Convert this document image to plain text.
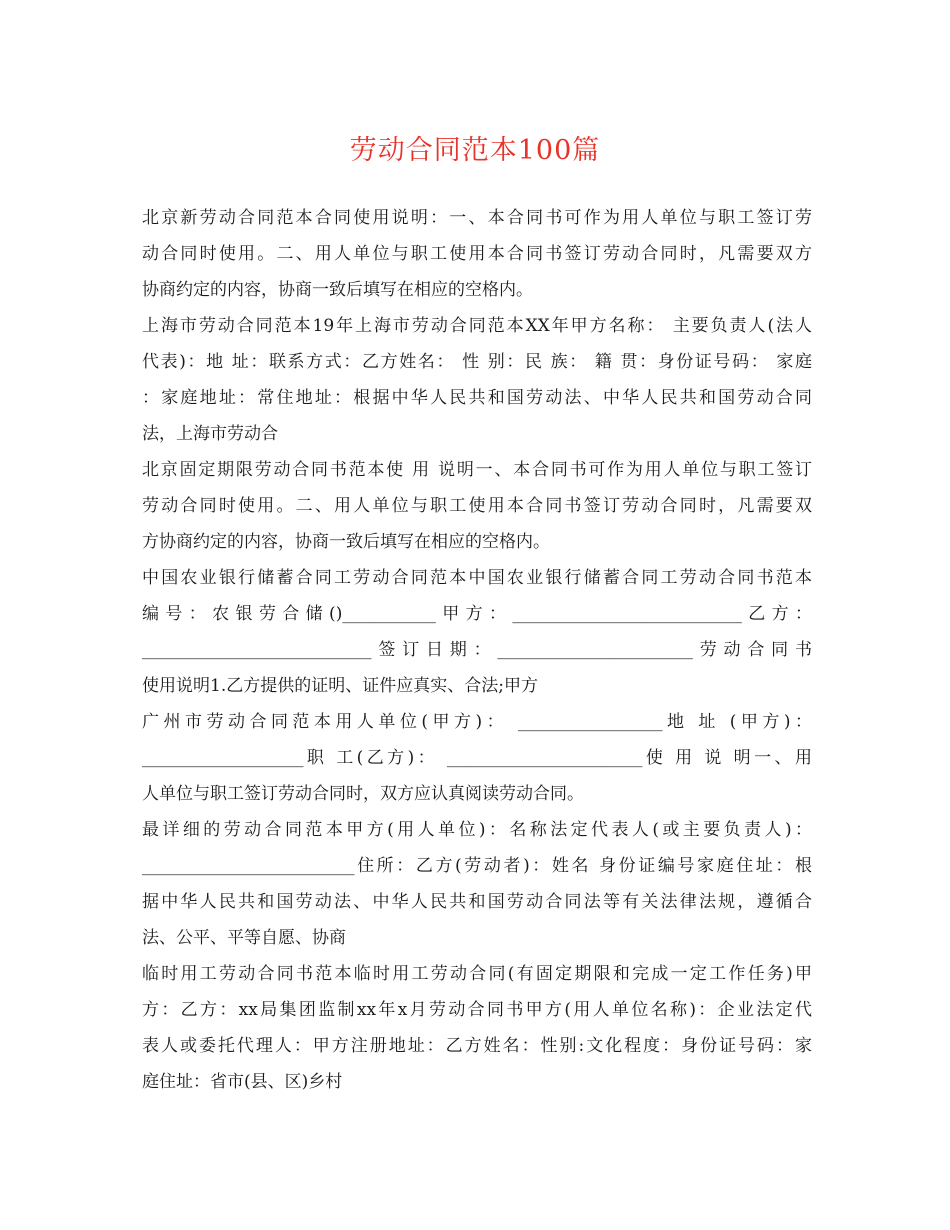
劳动合同范本100篇
北京新劳动合同范本合同使用说明：一、本合同书可作为用人单位与职工签订劳
动合同时使用。二、用人单位与职工使用本合同书签订劳动合同时，凡需要双方
协商约定的内容，协商一致后填写在相应的空格内。
上海市劳动合同范本19年上海市劳动合同范本XX年甲方名称： 主要负责人(法人
代表)：地 址：联系方式：乙方姓名： 性 别：民 族： 籍 贯：身份证号码： 家庭
：家庭地址：常住地址：根据中华人民共和国劳动法、中华人民共和国劳动合同
法，上海市劳动合
北京固定期限劳动合同书范本使 用 说明一、本合同书可作为用人单位与职工签订
劳动合同时使用。二、用人单位与职工使用本合同书签订劳动合同时，凡需要双
方协商约定的内容，协商一致后填写在相应的空格内。
中国农业银行储蓄合同工劳动合同范本中国农业银行储蓄合同工劳动合同书范本
编号：农银劳合储()___________甲方：___________________________乙方：
___________________________签订日期：_______________________劳动合同书
使用说明1.乙方提供的证明、证件应真实、合法;甲方
广州市劳动合同范本用人单位(甲方)： _________________地 址 (甲方)：
___________________职 工(乙方)： _______________________使 用 说 明一、用
人单位与职工签订劳动合同时，双方应认真阅读劳动合同。
最详细的劳动合同范本甲方(用人单位)：名称法定代表人(或主要负责人)：
_________________________住所：乙方(劳动者)：姓名 身份证编号家庭住址：根
据中华人民共和国劳动法、中华人民共和国劳动合同法等有关法律法规，遵循合
法、公平、平等自愿、协商
临时用工劳动合同书范本临时用工劳动合同(有固定期限和完成一定工作任务)甲
方：乙方：xx局集团监制xx年x月劳动合同书甲方(用人单位名称)：企业法定代
表人或委托代理人：甲方注册地址：乙方姓名：性别:文化程度：身份证号码：家
庭住址：省市(县、区)乡村
